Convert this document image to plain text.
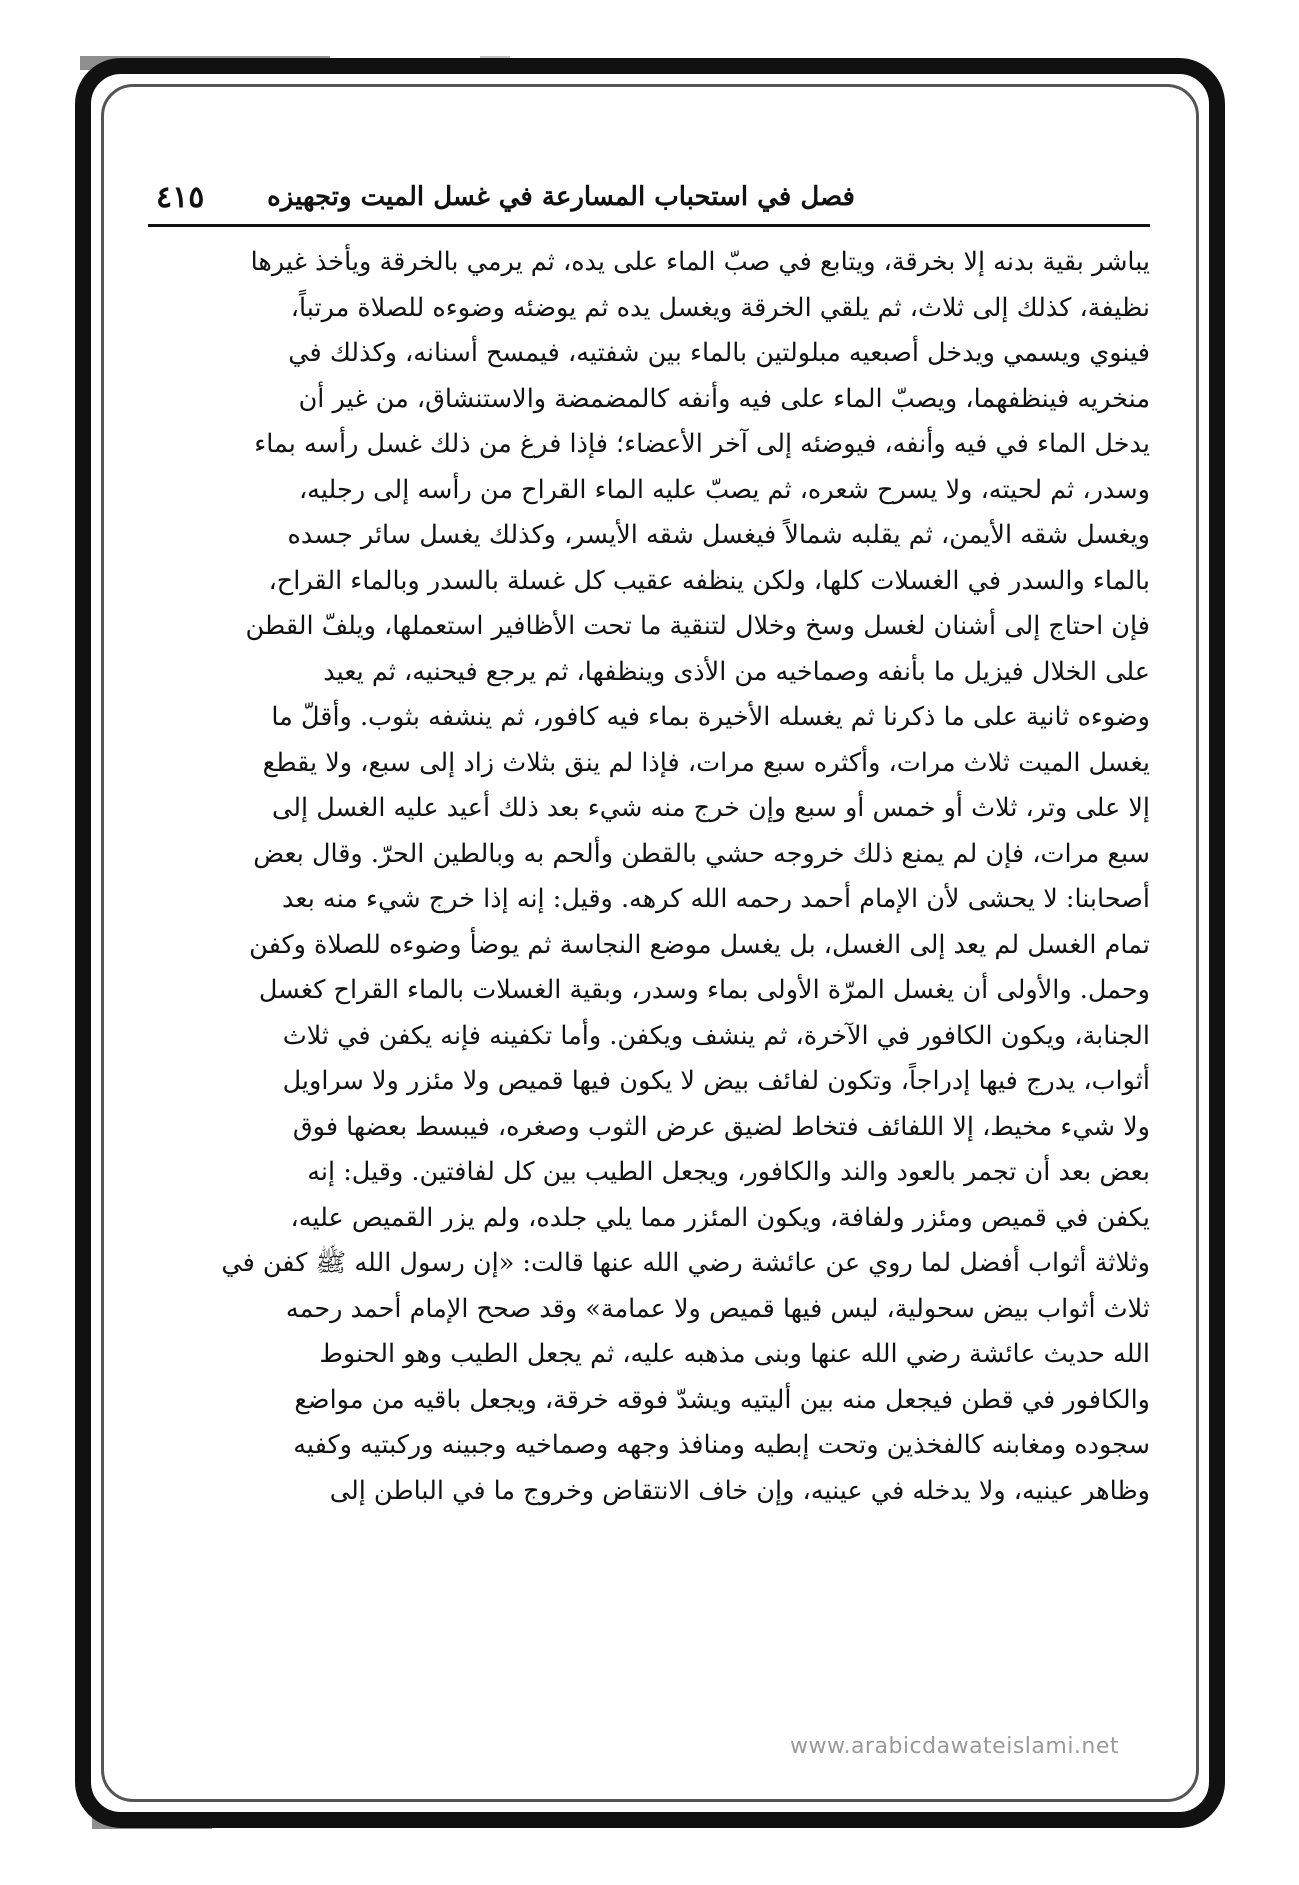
فصل في استحباب المسارعة في غسل الميت وتجهيزه
٤١٥
يباشر بقية بدنه إلا بخرقة، ويتابع في صبّ الماء على يده، ثم يرمي بالخرقة ويأخذ غيرها
نظيفة، كذلك إلى ثلاث، ثم يلقي الخرقة ويغسل يده ثم يوضئه وضوءه للصلاة مرتباً،
فينوي ويسمي ويدخل أصبعيه مبلولتين بالماء بين شفتيه، فيمسح أسنانه، وكذلك في
منخريه فينظفهما، ويصبّ الماء على فيه وأنفه كالمضمضة والاستنشاق، من غير أن
يدخل الماء في فيه وأنفه، فيوضئه إلى آخر الأعضاء؛ فإذا فرغ من ذلك غسل رأسه بماء
وسدر، ثم لحيته، ولا يسرح شعره، ثم يصبّ عليه الماء القراح من رأسه إلى رجليه،
ويغسل شقه الأيمن، ثم يقلبه شمالاً فيغسل شقه الأيسر، وكذلك يغسل سائر جسده
بالماء والسدر في الغسلات كلها، ولكن ينظفه عقيب كل غسلة بالسدر وبالماء القراح،
فإن احتاج إلى أشنان لغسل وسخ وخلال لتنقية ما تحت الأظافير استعملها، ويلفّ القطن
على الخلال فيزيل ما بأنفه وصماخيه من الأذى وينظفها، ثم يرجع فيحنيه، ثم يعيد
وضوءه ثانية على ما ذكرنا ثم يغسله الأخيرة بماء فيه كافور، ثم ينشفه بثوب. وأقلّ ما
يغسل الميت ثلاث مرات، وأكثره سبع مرات، فإذا لم ينق بثلاث زاد إلى سبع، ولا يقطع
إلا على وتر، ثلاث أو خمس أو سبع وإن خرج منه شيء بعد ذلك أعيد عليه الغسل إلى
سبع مرات، فإن لم يمنع ذلك خروجه حشي بالقطن وألحم به وبالطين الحرّ. وقال بعض
أصحابنا: لا يحشى لأن الإمام أحمد رحمه الله كرهه. وقيل: إنه إذا خرج شيء منه بعد
تمام الغسل لم يعد إلى الغسل، بل يغسل موضع النجاسة ثم يوضأ وضوءه للصلاة وكفن
وحمل. والأولى أن يغسل المرّة الأولى بماء وسدر، وبقية الغسلات بالماء القراح كغسل
الجنابة، ويكون الكافور في الآخرة، ثم ينشف ويكفن. وأما تكفينه فإنه يكفن في ثلاث
أثواب، يدرج فيها إدراجاً، وتكون لفائف بيض لا يكون فيها قميص ولا مئزر ولا سراويل
ولا شيء مخيط، إلا اللفائف فتخاط لضيق عرض الثوب وصغره، فيبسط بعضها فوق
بعض بعد أن تجمر بالعود والند والكافور، ويجعل الطيب بين كل لفافتين. وقيل: إنه
يكفن في قميص ومئزر ولفافة، ويكون المئزر مما يلي جلده، ولم يزر القميص عليه،
وثلاثة أثواب أفضل لما روي عن عائشة رضي الله عنها قالت: «إن رسول الله ﷺ كفن في
ثلاث أثواب بيض سحولية، ليس فيها قميص ولا عمامة» وقد صحح الإمام أحمد رحمه
الله حديث عائشة رضي الله عنها وبنى مذهبه عليه، ثم يجعل الطيب وهو الحنوط
والكافور في قطن فيجعل منه بين أليتيه ويشدّ فوقه خرقة، ويجعل باقيه من مواضع
سجوده ومغابنه كالفخذين وتحت إبطيه ومنافذ وجهه وصماخيه وجبينه وركبتيه وكفيه
وظاهر عينيه، ولا يدخله في عينيه، وإن خاف الانتقاض وخروج ما في الباطن إلى
www.arabicdawateislami.net
